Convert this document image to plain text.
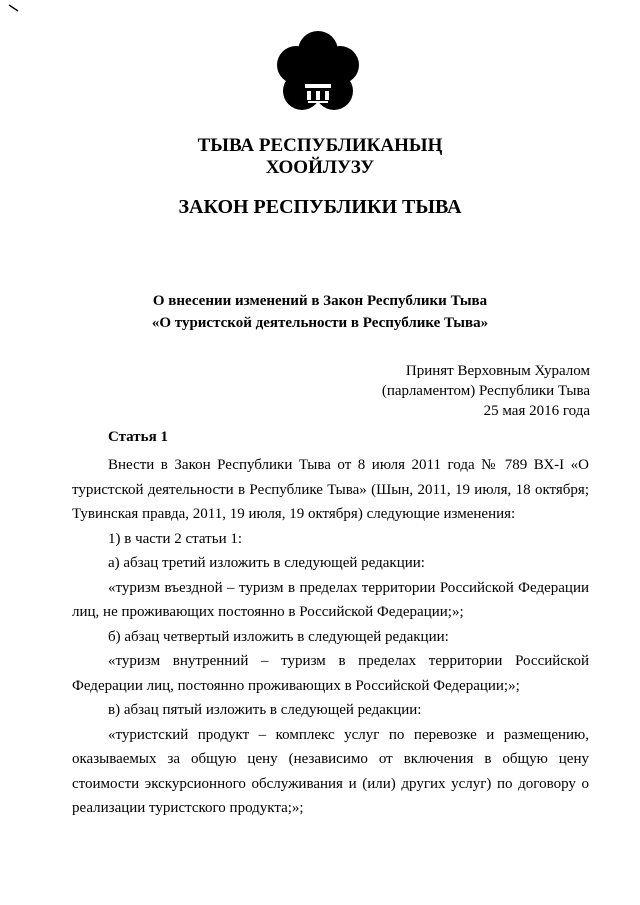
ТЫВА РЕСПУБЛИКАНЫҢ
ХООЙЛУЗУ
ЗАКОН РЕСПУБЛИКИ ТЫВА
О внесении изменений в Закон Республики Тыва
«О туристской деятельности в Республике Тыва»
Принят Верховным Хуралом
(парламентом) Республики Тыва
25 мая 2016 года
Статья 1

Внести в Закон Республики Тыва от 8 июля 2011 года № 789 ВХ-I «О туристской деятельности в Республике Тыва» (Шын, 2011, 19 июля, 18 октября; Тувинская правда, 2011, 19 июля, 19 октября) следующие изменения:

1) в части 2 статьи 1:

а) абзац третий изложить в следующей редакции:

«туризм въездной – туризм в пределах территории Российской Федерации лиц, не проживающих постоянно в Российской Федерации;»;

б) абзац четвертый изложить в следующей редакции:

«туризм внутренний – туризм в пределах территории Российской Федерации лиц, постоянно проживающих в Российской Федерации;»;

в) абзац пятый изложить в следующей редакции:

«туристский продукт – комплекс услуг по перевозке и размещению, оказываемых за общую цену (независимо от включения в общую цену стоимости экскурсионного обслуживания и (или) других услуг) по договору о реализации туристского продукта;»;
